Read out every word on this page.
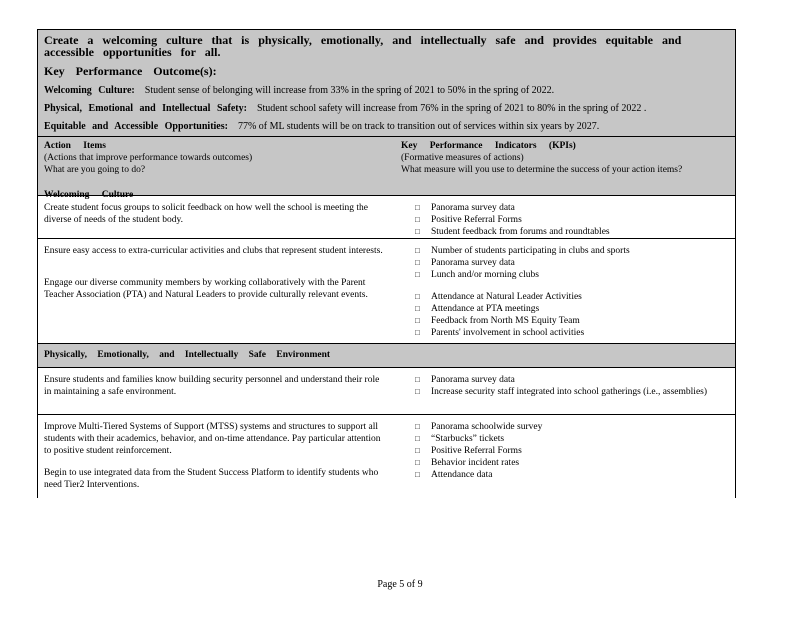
Create a welcoming culture that is physically, emotionally, and intellectually safe and provides equitable and accessible opportunities for all.
Key Performance Outcome(s):
Welcoming Culture: Student sense of belonging will increase from 33% in the spring of 2021 to 50% in the spring of 2022.
Physical, Emotional and Intellectual Safety: Student school safety will increase from 76% in the spring of 2021 to 80% in the spring of 2022 .
Equitable and Accessible Opportunities: 77% of ML students will be on track to transition out of services within six years by 2027.
Action Items
(Actions that improve performance towards outcomes)
What are you going to do?
Welcoming Culture
Key Performance Indicators (KPIs)
(Formative measures of actions)
What measure will you use to determine the success of your action items?
Create student focus groups to solicit feedback on how well the school is meeting the diverse of needs of the student body.
□ Panorama survey data
□ Positive Referral Forms
□ Student feedback from forums and roundtables
Ensure easy access to extra-curricular activities and clubs that represent student interests.
Engage our diverse community members by working collaboratively with the Parent Teacher Association (PTA) and Natural Leaders to provide culturally relevant events.
□ Number of students participating in clubs and sports
□ Panorama survey data
□ Lunch and/or morning clubs
□ Attendance at Natural Leader Activities
□ Attendance at PTA meetings
□ Feedback from North MS Equity Team
□ Parents' involvement in school activities
Physically, Emotionally, and Intellectually Safe Environment
Ensure students and families know building security personnel and understand their role in maintaining a safe environment.
□ Panorama survey data
□ Increase security staff integrated into school gatherings (i.e., assemblies)
Improve Multi-Tiered Systems of Support (MTSS) systems and structures to support all students with their academics, behavior, and on-time attendance. Pay particular attention to positive student reinforcement.
Begin to use integrated data from the Student Success Platform to identify students who need Tier2 Interventions.
□ Panorama schoolwide survey
□ “Starbucks” tickets
□ Positive Referral Forms
□ Behavior incident rates
□ Attendance data
Page 5 of 9
